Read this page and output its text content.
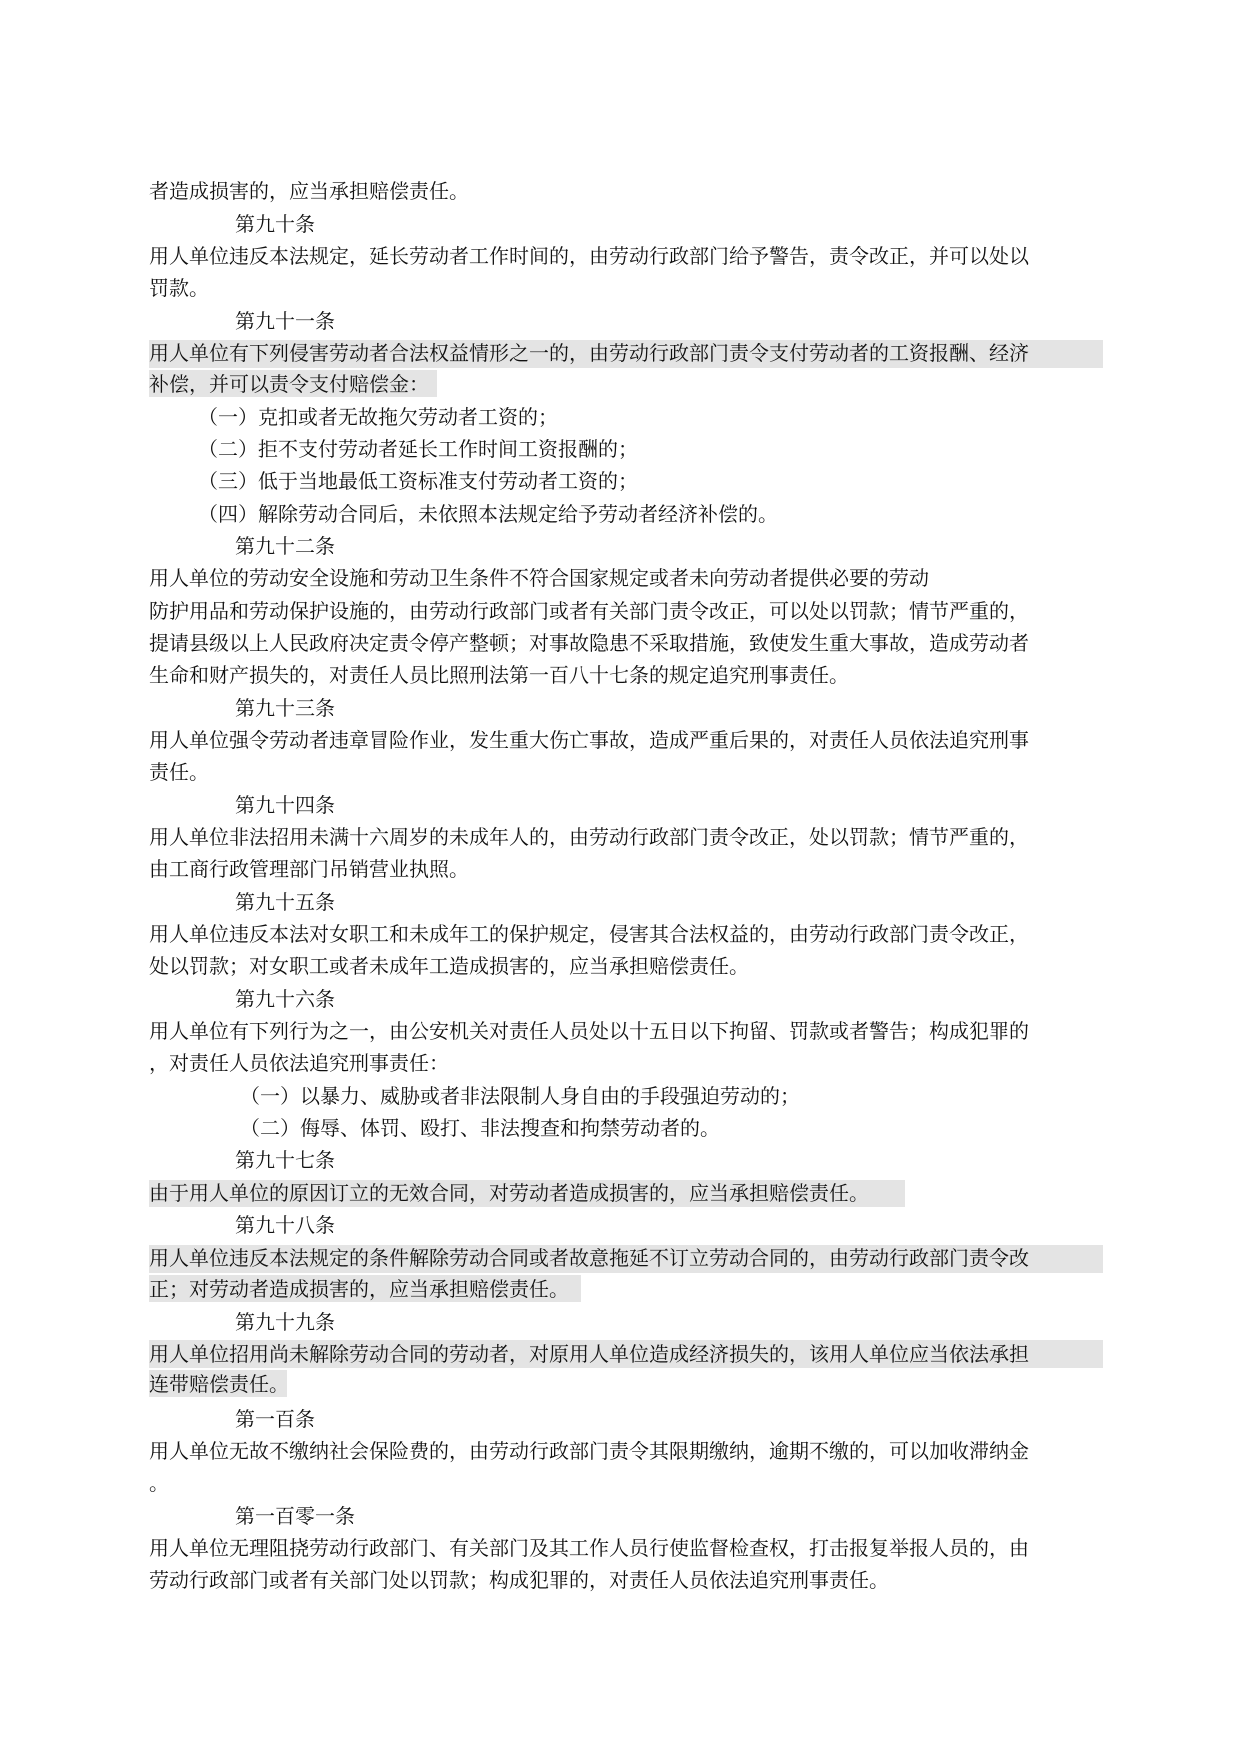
者造成损害的，应当承担赔偿责任。
第九十条
用人单位违反本法规定，延长劳动者工作时间的，由劳动行政部门给予警告，责令改正，并可以处以
罚款。
第九十一条
用人单位有下列侵害劳动者合法权益情形之一的，由劳动行政部门责令支付劳动者的工资报酬、经济
补偿，并可以责令支付赔偿金：
（一）克扣或者无故拖欠劳动者工资的；
（二）拒不支付劳动者延长工作时间工资报酬的；
（三）低于当地最低工资标准支付劳动者工资的；
（四）解除劳动合同后，未依照本法规定给予劳动者经济补偿的。
第九十二条
用人单位的劳动安全设施和劳动卫生条件不符合国家规定或者未向劳动者提供必要的劳动
防护用品和劳动保护设施的，由劳动行政部门或者有关部门责令改正，可以处以罚款；情节严重的，
提请县级以上人民政府决定责令停产整顿；对事故隐患不采取措施，致使发生重大事故，造成劳动者
生命和财产损失的，对责任人员比照刑法第一百八十七条的规定追究刑事责任。
第九十三条
用人单位强令劳动者违章冒险作业，发生重大伤亡事故，造成严重后果的，对责任人员依法追究刑事
责任。
第九十四条
用人单位非法招用未满十六周岁的未成年人的，由劳动行政部门责令改正，处以罚款；情节严重的，
由工商行政管理部门吊销营业执照。
第九十五条
用人单位违反本法对女职工和未成年工的保护规定，侵害其合法权益的，由劳动行政部门责令改正，
处以罚款；对女职工或者未成年工造成损害的，应当承担赔偿责任。
第九十六条
用人单位有下列行为之一，由公安机关对责任人员处以十五日以下拘留、罚款或者警告；构成犯罪的
，对责任人员依法追究刑事责任：
（一）以暴力、威胁或者非法限制人身自由的手段强迫劳动的；
（二）侮辱、体罚、殴打、非法搜查和拘禁劳动者的。
第九十七条
由于用人单位的原因订立的无效合同，对劳动者造成损害的，应当承担赔偿责任。
第九十八条
用人单位违反本法规定的条件解除劳动合同或者故意拖延不订立劳动合同的，由劳动行政部门责令改
正；对劳动者造成损害的，应当承担赔偿责任。
第九十九条
用人单位招用尚未解除劳动合同的劳动者，对原用人单位造成经济损失的，该用人单位应当依法承担
连带赔偿责任。
第一百条
用人单位无故不缴纳社会保险费的，由劳动行政部门责令其限期缴纳，逾期不缴的，可以加收滞纳金
。
第一百零一条
用人单位无理阻挠劳动行政部门、有关部门及其工作人员行使监督检查权，打击报复举报人员的，由
劳动行政部门或者有关部门处以罚款；构成犯罪的，对责任人员依法追究刑事责任。
